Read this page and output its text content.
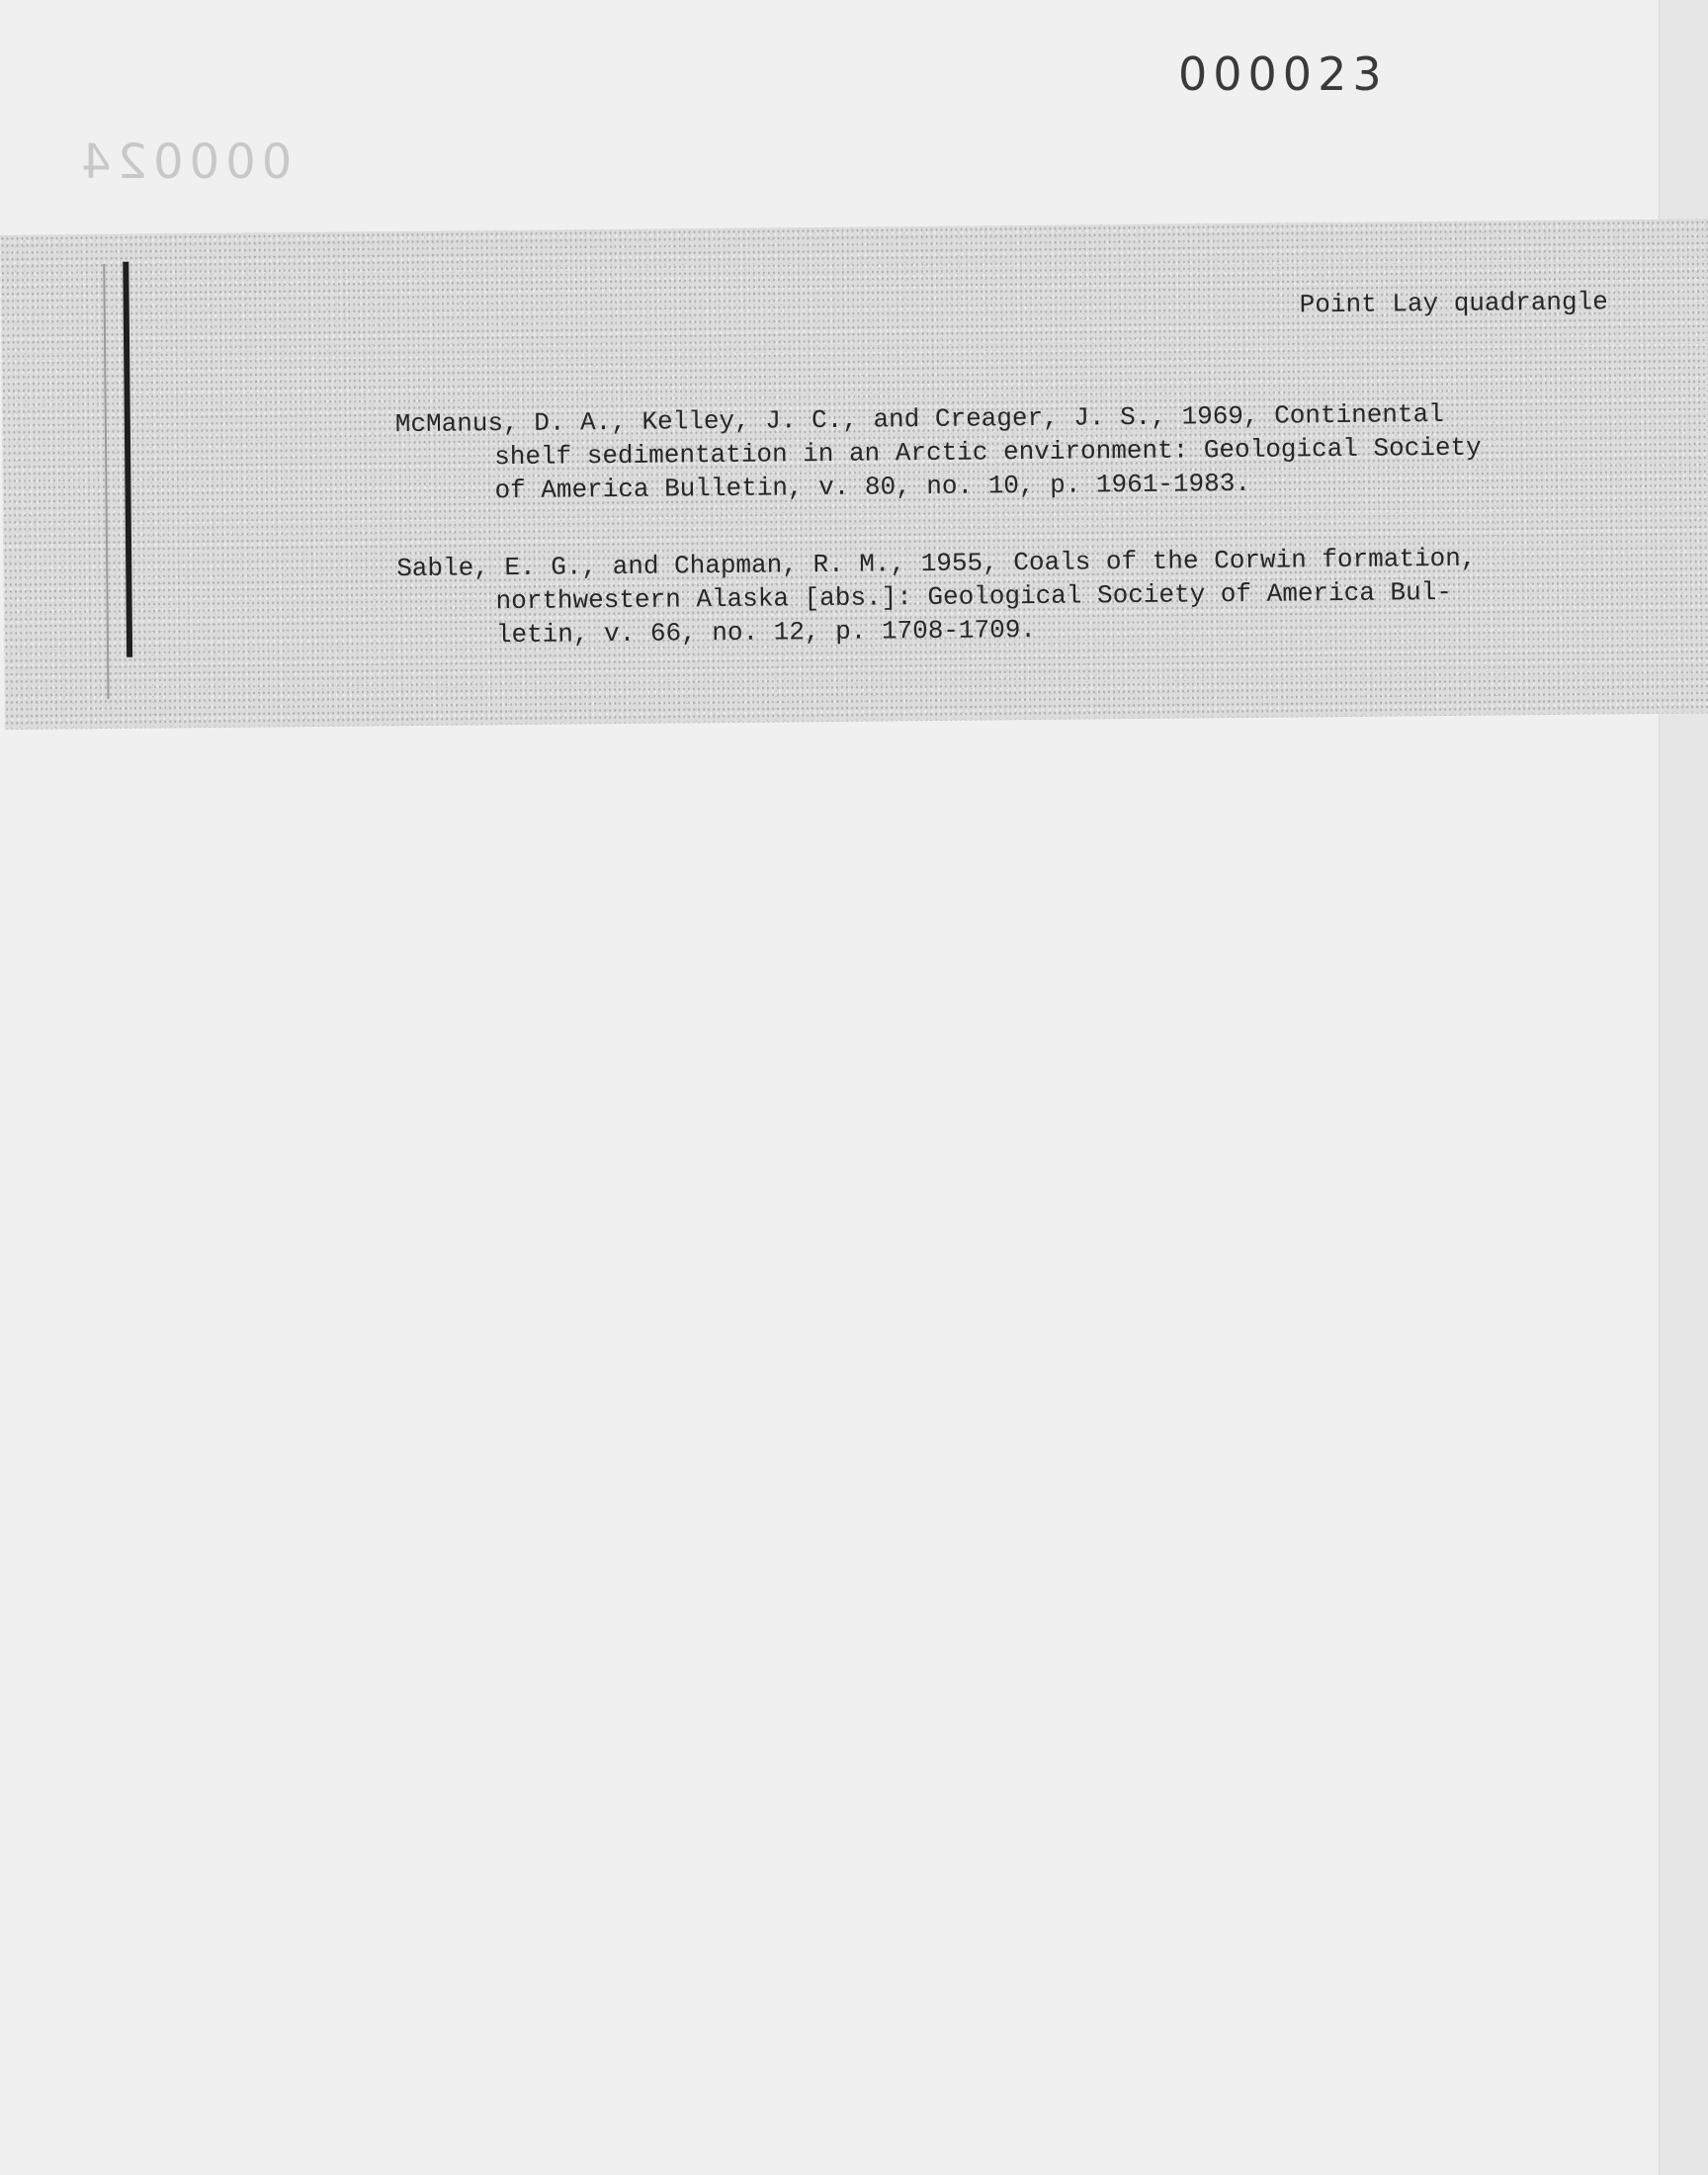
000023
000024
Point Lay quadrangle
McManus, D. A., Kelley, J. C., and Creager, J. S., 1969, Continental
shelf sedimentation in an Arctic environment: Geological Society
of America Bulletin, v. 80, no. 10, p. 1961-1983.
Sable, E. G., and Chapman, R. M., 1955, Coals of the Corwin formation,
northwestern Alaska [abs.]: Geological Society of America Bul-
letin, v. 66, no. 12, p. 1708-1709.
